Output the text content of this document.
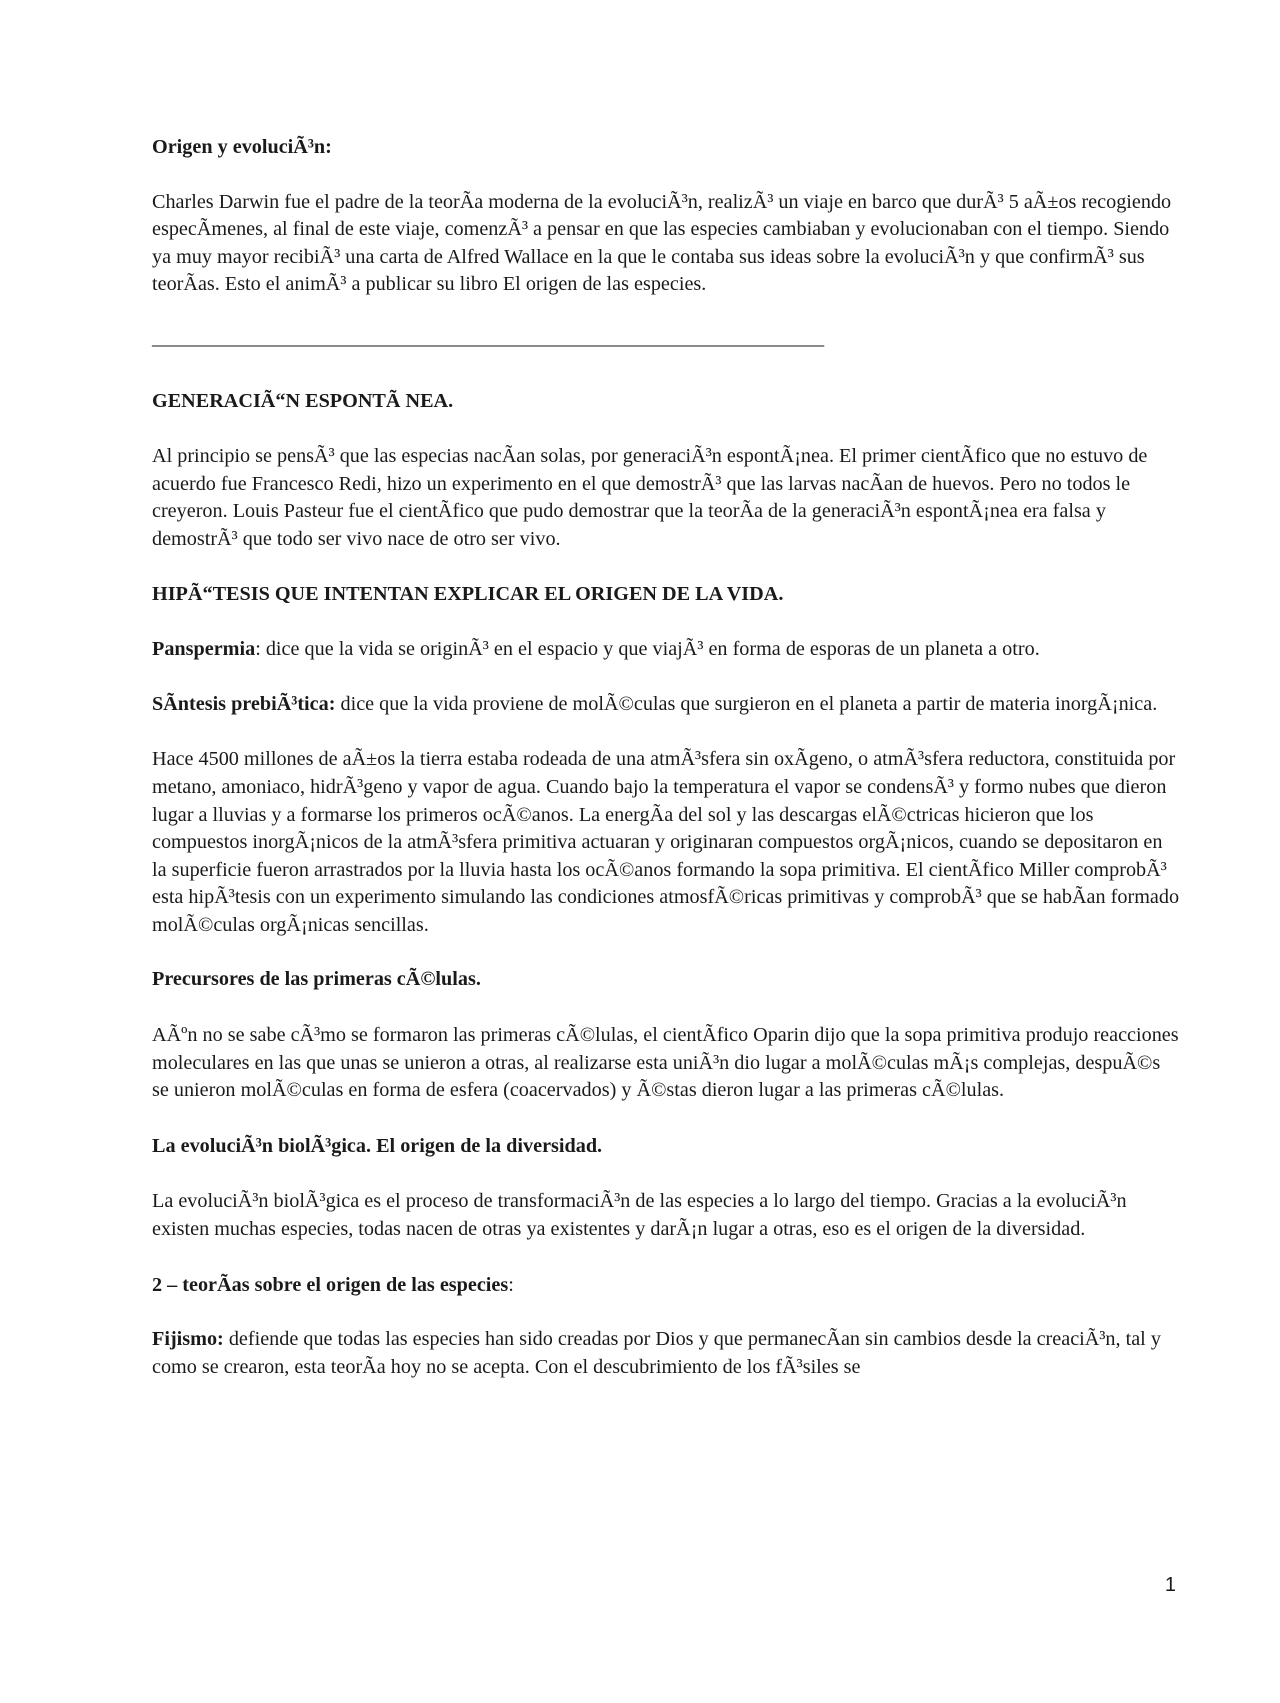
Origen y evoluciÃ³n:

Charles Darwin fue el padre de la teorÃa moderna de la evoluciÃ³n, realizÃ³ un viaje en barco que durÃ³ 5 aÃ±os recogiendo especÃmenes, al final de este viaje, comenzÃ³ a pensar en que las especies cambiaban y evolucionaban con el tiempo. Siendo ya muy mayor recibiÃ³ una carta de Alfred Wallace en la que le contaba sus ideas sobre la evoluciÃ³n y que confirmÃ³ sus teorÃas. Esto el animÃ³ a publicar su libro El origen de las especies.

______________________________________________________________________

GENERACIÃ“N ESPONTÃ NEA.

Al principio se pensÃ³ que las especias nacÃan solas, por generaciÃ³n espontÃ¡nea. El primer cientÃfico que no estuvo de acuerdo fue Francesco Redi, hizo un experimento en el que demostrÃ³ que las larvas nacÃan de huevos. Pero no todos le creyeron. Louis Pasteur fue el cientÃfico que pudo demostrar que la teorÃa de la generaciÃ³n espontÃ¡nea era falsa y demostrÃ³ que todo ser vivo nace de otro ser vivo.

HIPÃ“TESIS QUE INTENTAN EXPLICAR EL ORIGEN DE LA VIDA.

Panspermia: dice que la vida se originÃ³ en el espacio y que viajÃ³ en forma de esporas de un planeta a otro.

SÃntesis prebiÃ³tica: dice que la vida proviene de molÃ©culas que surgieron en el planeta a partir de materia inorgÃ¡nica.

Hace 4500 millones de aÃ±os la tierra estaba rodeada de una atmÃ³sfera sin oxÃgeno, o atmÃ³sfera reductora, constituida por metano, amoniaco, hidrÃ³geno y vapor de agua. Cuando bajo la temperatura el vapor se condensÃ³ y formo nubes que dieron lugar a lluvias y a formarse los primeros ocÃ©anos. La energÃa del sol y las descargas elÃ©ctricas hicieron que los compuestos inorgÃ¡nicos de la atmÃ³sfera primitiva actuaran y originaran compuestos orgÃ¡nicos, cuando se depositaron en la superficie fueron arrastrados por la lluvia hasta los ocÃ©anos formando la sopa primitiva. El cientÃfico Miller comprobÃ³ esta hipÃ³tesis con un experimento simulando las condiciones atmosfÃ©ricas primitivas y comprobÃ³ que se habÃan formado molÃ©culas orgÃ¡nicas sencillas.

Precursores de las primeras cÃ©lulas.

AÃºn no se sabe cÃ³mo se formaron las primeras cÃ©lulas, el cientÃfico Oparin dijo que la sopa primitiva produjo reacciones moleculares en las que unas se unieron a otras, al realizarse esta uniÃ³n dio lugar a molÃ©culas mÃ¡s complejas, despuÃ©s se unieron molÃ©culas en forma de esfera (coacervados) y Ã©stas dieron lugar a las primeras cÃ©lulas.

La evoluciÃ³n biolÃ³gica. El origen de la diversidad.

La evoluciÃ³n biolÃ³gica es el proceso de transformaciÃ³n de las especies a lo largo del tiempo. Gracias a la evoluciÃ³n existen muchas especies, todas nacen de otras ya existentes y darÃ¡n lugar a otras, eso es el origen de la diversidad.

2 – teorÃas sobre el origen de las especies:

Fijismo: defiende que todas las especies han sido creadas por Dios y que permanecÃan sin cambios desde la creaciÃ³n, tal y como se crearon, esta teorÃa hoy no se acepta. Con el descubrimiento de los fÃ³siles se

1
